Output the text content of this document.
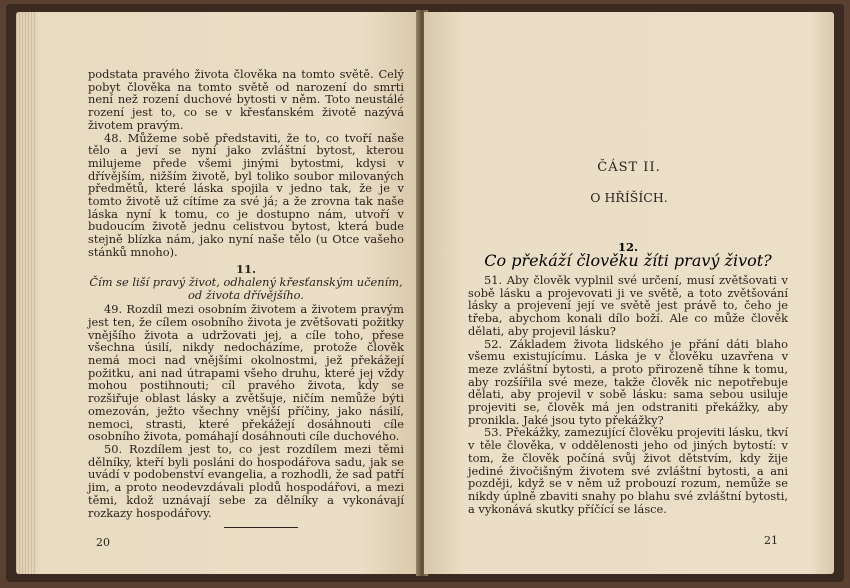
podstata pravého života člověka na tomto světě. Celý pobyt člověka na tomto světě od narození do smrti není než rození duchové bytosti v něm. Toto neustálé rození jest to, co se v křesťanském životě nazývá životem pravým.

48. Můžeme sobě představiti, že to, co tvoří naše tělo a jeví se nyní jako zvláštní bytost, kterou milujeme přede všemi jinými bytostmi, kdysi v dřívějším, nižším životě, byl toliko soubor milovaných předmětů, které láska spojila v jedno tak, že je v tomto životě už cítíme za své já; a že zrovna tak naše láska nyní k tomu, co je dostupno nám, utvoří v budoucím životě jednu celistvou bytost, která bude stejně blízka nám, jako nyní naše tělo (u Otce vašeho stánků mnoho).

11.

Čím se liší pravý život, odhalený křesťanským učením, od života dřívějšího.

49. Rozdíl mezi osobním životem a životem pravým jest ten, že cílem osobního života je zvětšovati požitky vnějšího života a udržovati jej, a cíle toho, přese všechna úsilí, nikdy nedocházíme, protože člověk nemá moci nad vnějšími okolnostmi, jež překážejí požitku, ani nad útrapami všeho druhu, které jej vždy mohou postihnouti; cíl pravého života, kdy se rozšiřuje oblast lásky a zvětšuje, ničím nemůže býti omezován, ježto všechny vnější příčiny, jako násilí, nemoci, strasti, které překážejí dosáhnouti cíle osobního života, pomáhají dosáhnouti cíle duchového.

50. Rozdílem jest to, co jest rozdílem mezi těmi dělníky, kteří byli posláni do hospodářova sadu, jak se uvádí v podobenství evangelia, a rozhodli, že sad patří jim, a proto neodevzdávali plodů hospodářovi, a mezi těmi, kdož uznávají sebe za dělníky a vykonávají rozkazy hospodářovy.

20
ČÁST II.
O HŘÍŠÍCH.

12.

Co překáží člověku žíti pravý život?

51. Aby člověk vyplnil své určení, musí zvětšovati v sobě lásku a projevovati ji ve světě, a toto zvětšování lásky a projevení její ve světě jest právě to, čeho je třeba, abychom konali dílo boží. Ale co může člověk dělati, aby projevil lásku?

52. Základem života lidského je přání dáti blaho všemu existujícímu. Láska je v člověku uzavřena v meze zvláštní bytosti, a proto přirozeně tíhne k tomu, aby rozšířila své meze, takže člověk nic nepotřebuje dělati, aby projevil v sobě lásku: sama sebou usiluje projeviti se, člověk má jen odstraniti překážky, aby pronikla. Jaké jsou tyto překážky?

53. Překážky, zamezující člověku projeviti lásku, tkví v těle člověka, v oddělenosti jeho od jiných bytostí: v tom, že člověk počíná svůj život dětstvím, kdy žije jediné živočišným životem své zvláštní bytosti, a ani později, když se v něm už probouzí rozum, nemůže se nikdy úplně zbaviti snahy po blahu své zvláštní bytosti, a vykonává skutky příčící se lásce.

21
